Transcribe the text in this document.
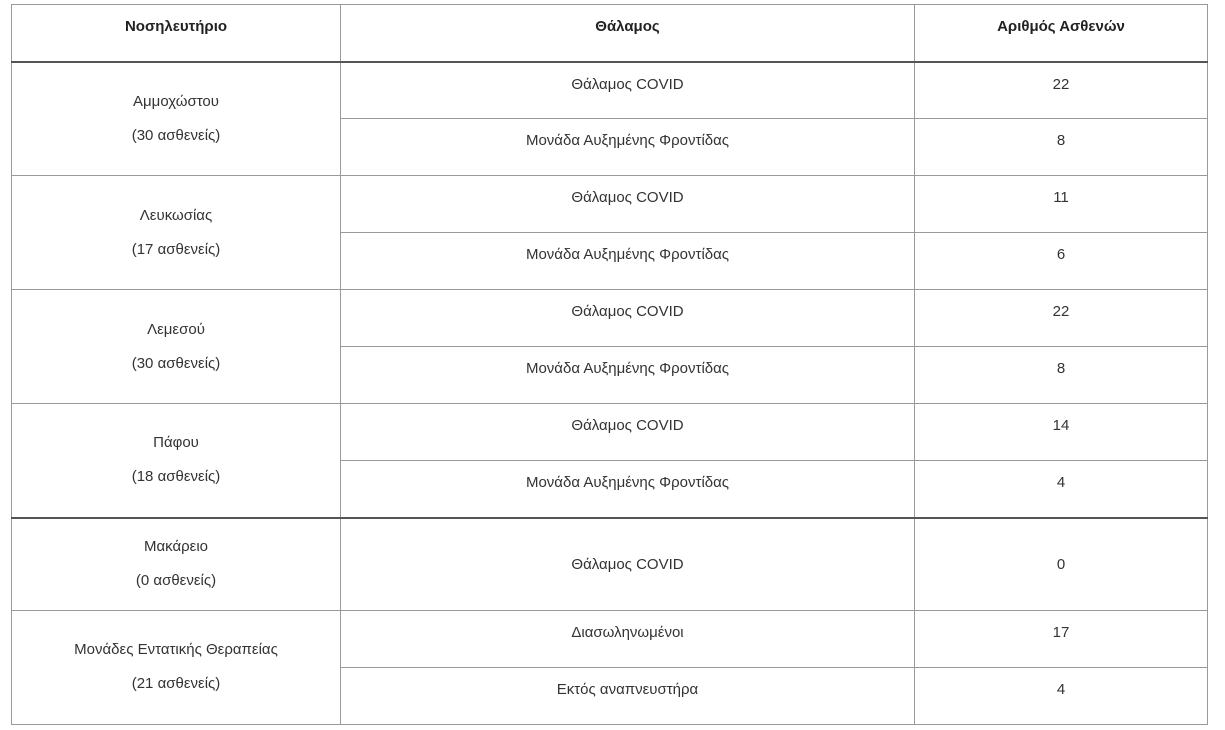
Νοσηλευτήριο	Θάλαμος	Αριθμός Ασθενών

Αμμοχώστου
(30 ασθενείς)	Θάλαμος COVID	22
	Μονάδα Αυξημένης Φροντίδας	8

Λευκωσίας
(17 ασθενείς)	Θάλαμος COVID	11
	Μονάδα Αυξημένης Φροντίδας	6

Λεμεσού
(30 ασθενείς)	Θάλαμος COVID	22
	Μονάδα Αυξημένης Φροντίδας	8

Πάφου
(18 ασθενείς)	Θάλαμος COVID	14
	Μονάδα Αυξημένης Φροντίδας	4

Μακάρειο
(0 ασθενείς)	Θάλαμος COVID	0

Μονάδες Εντατικής Θεραπείας
(21 ασθενείς)	Διασωληνωμένοι	17
	Εκτός αναπνευστήρα	4
